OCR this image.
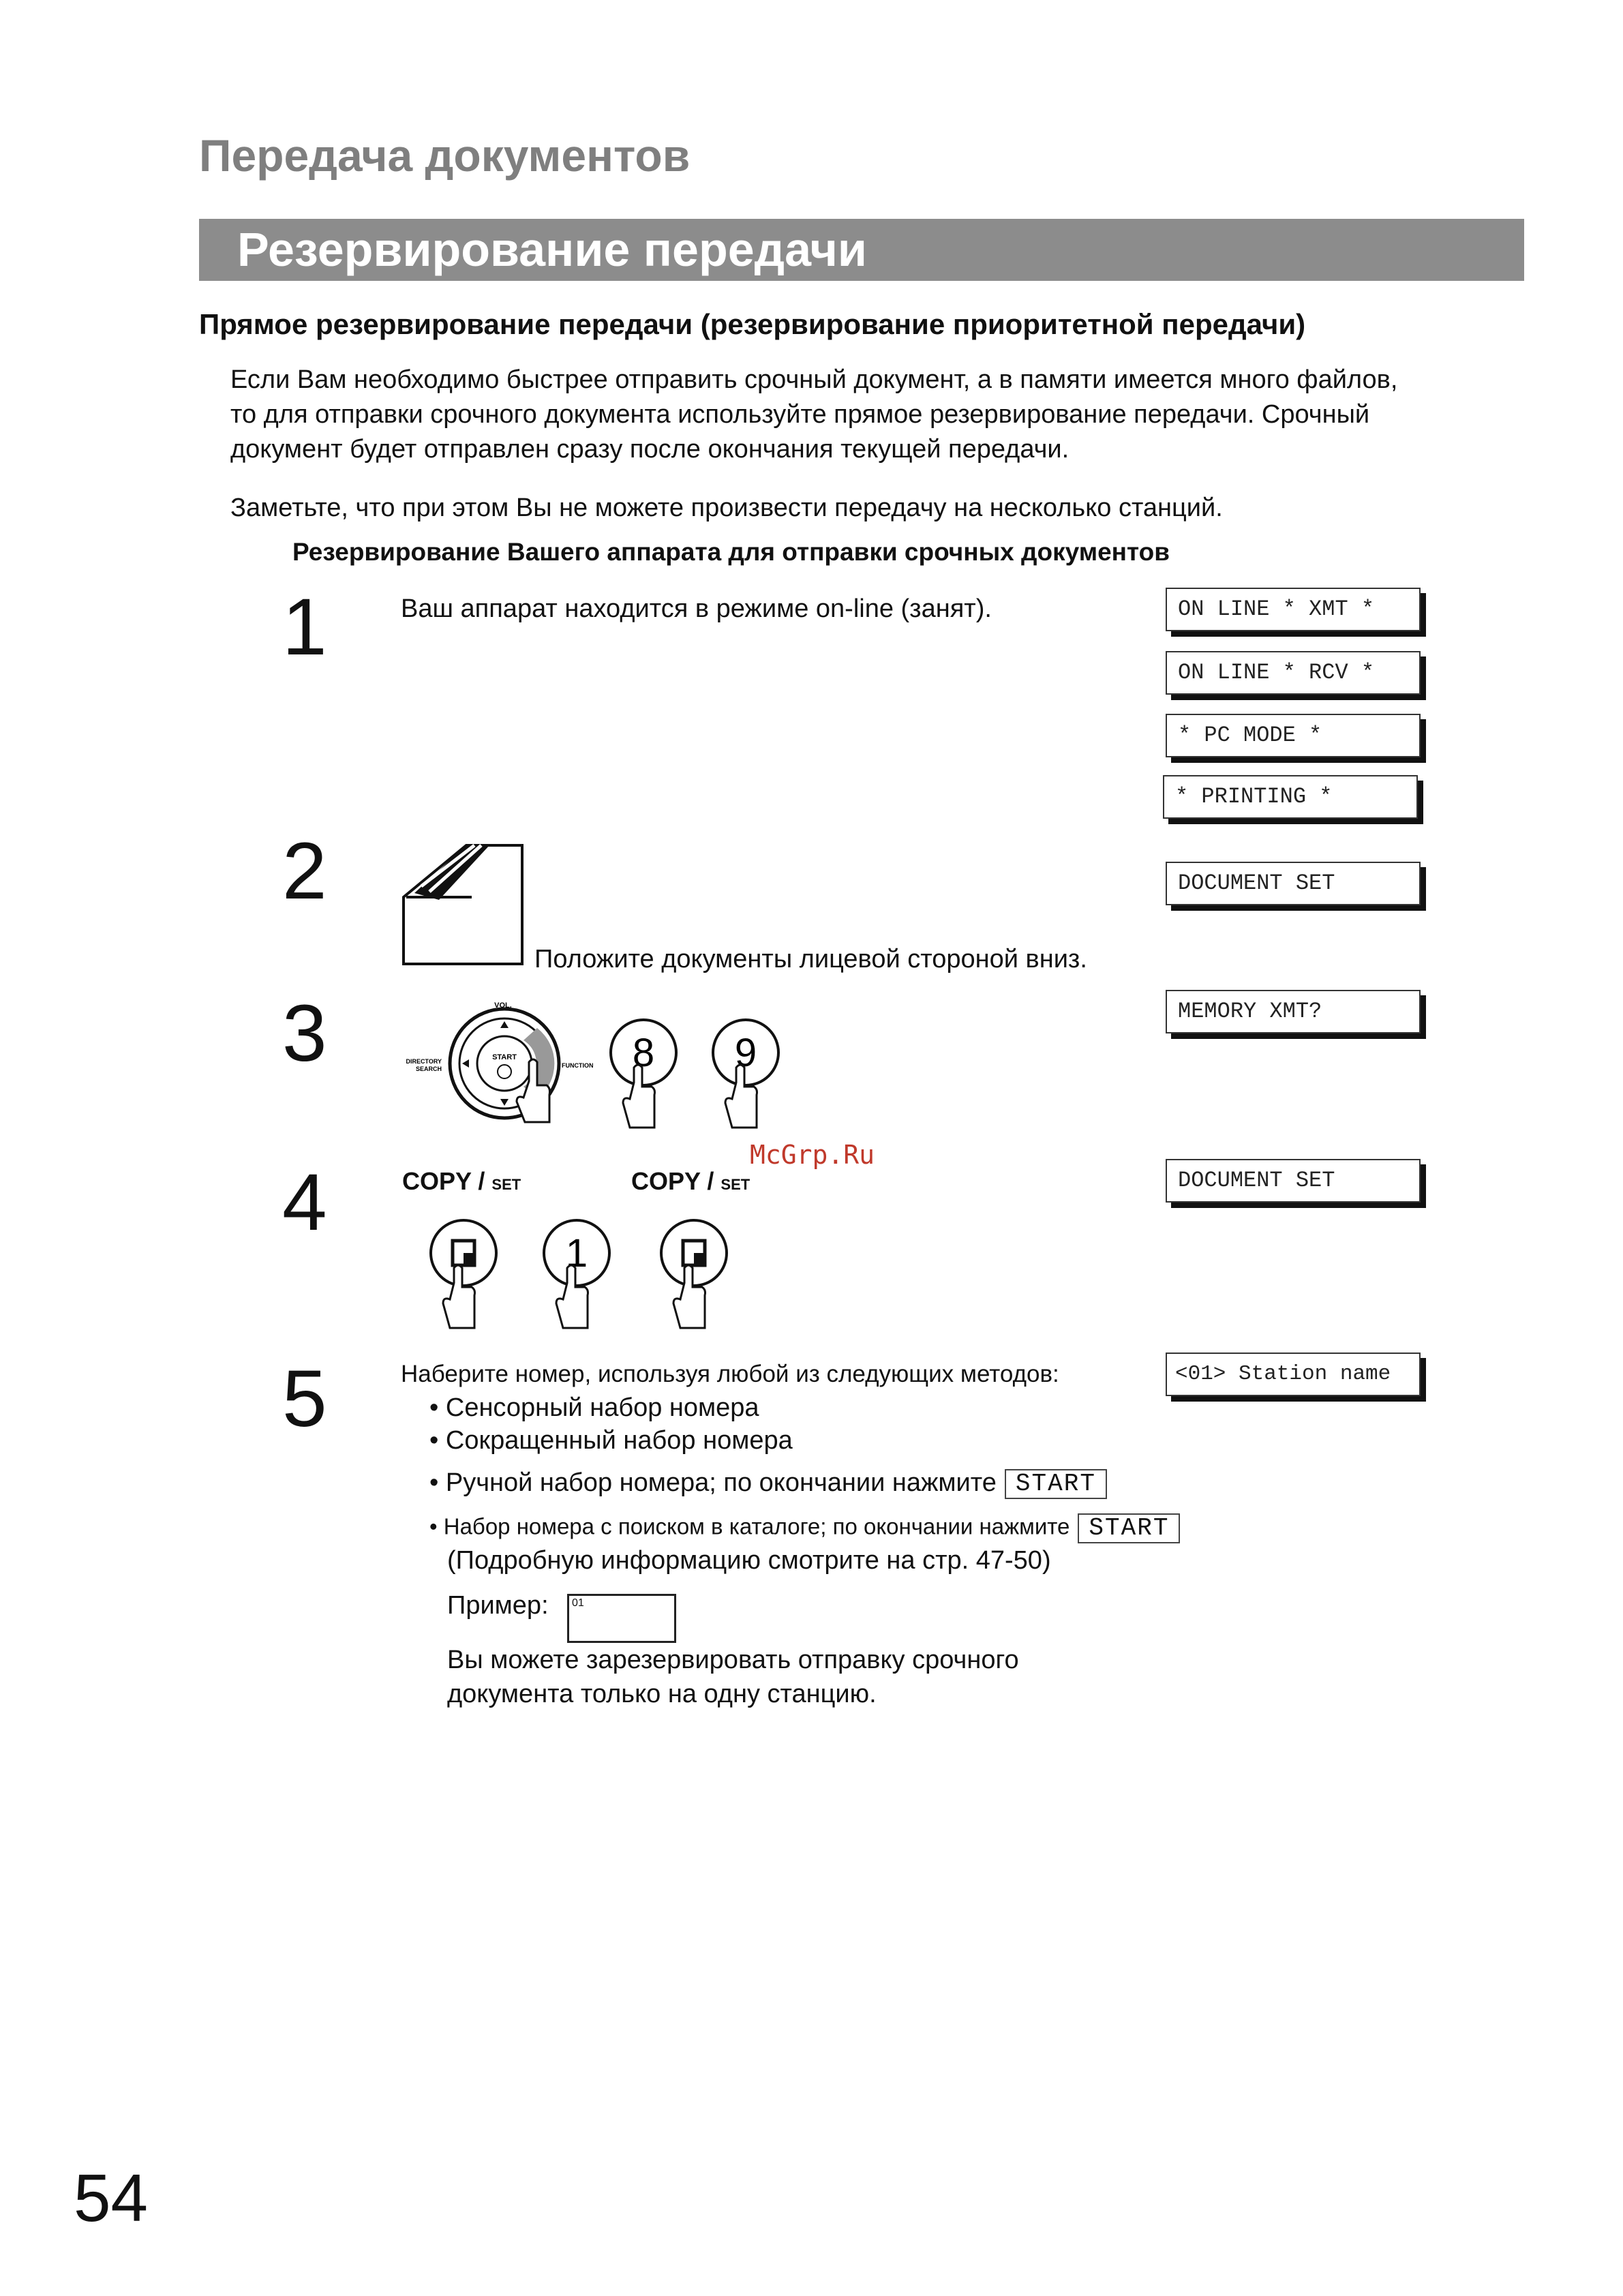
Передача документов
Резервирование передачи
Прямое резервирование передачи (резервирование приоритетной передачи)
Если Вам необходимо быстрее отправить срочный документ, а в памяти имеется много файлов,
то для отправки срочного документа используйте прямое резервирование передачи. Срочный
документ будет отправлен сразу после окончания текущей передачи.
Заметьте, что при этом Вы не можете произвести передачу на несколько станций.
Резервирование Вашего аппарата для отправки срочных документов
1	Ваш аппарат находится в режиме on-line (занят).	ON LINE * XMT *
ON LINE * RCV *
* PC MODE *
* PRINTING *
2
Положите документы лицевой стороной вниз.
DOCUMENT SET
3	START
VOL.
DIRECTORY
SEARCH	FUNCTION 8 9
MEMORY XMT?
McGrp.Ru
4	COPY / SET	COPY / SET
1
DOCUMENT SET
5	Наберите номер, используя любой из следующих методов:	<01> Station name
• Сенсорный набор номера
• Сокращенный набор номера
• Ручной набор номера; по окончании нажмите START
• Набор номера с поиском в каталоге; по окончании нажмите START
(Подробную информацию смотрите на стр. 47-50)
Пример: 01
Вы можете зарезервировать отправку срочного
документа только на одну станцию.
54
